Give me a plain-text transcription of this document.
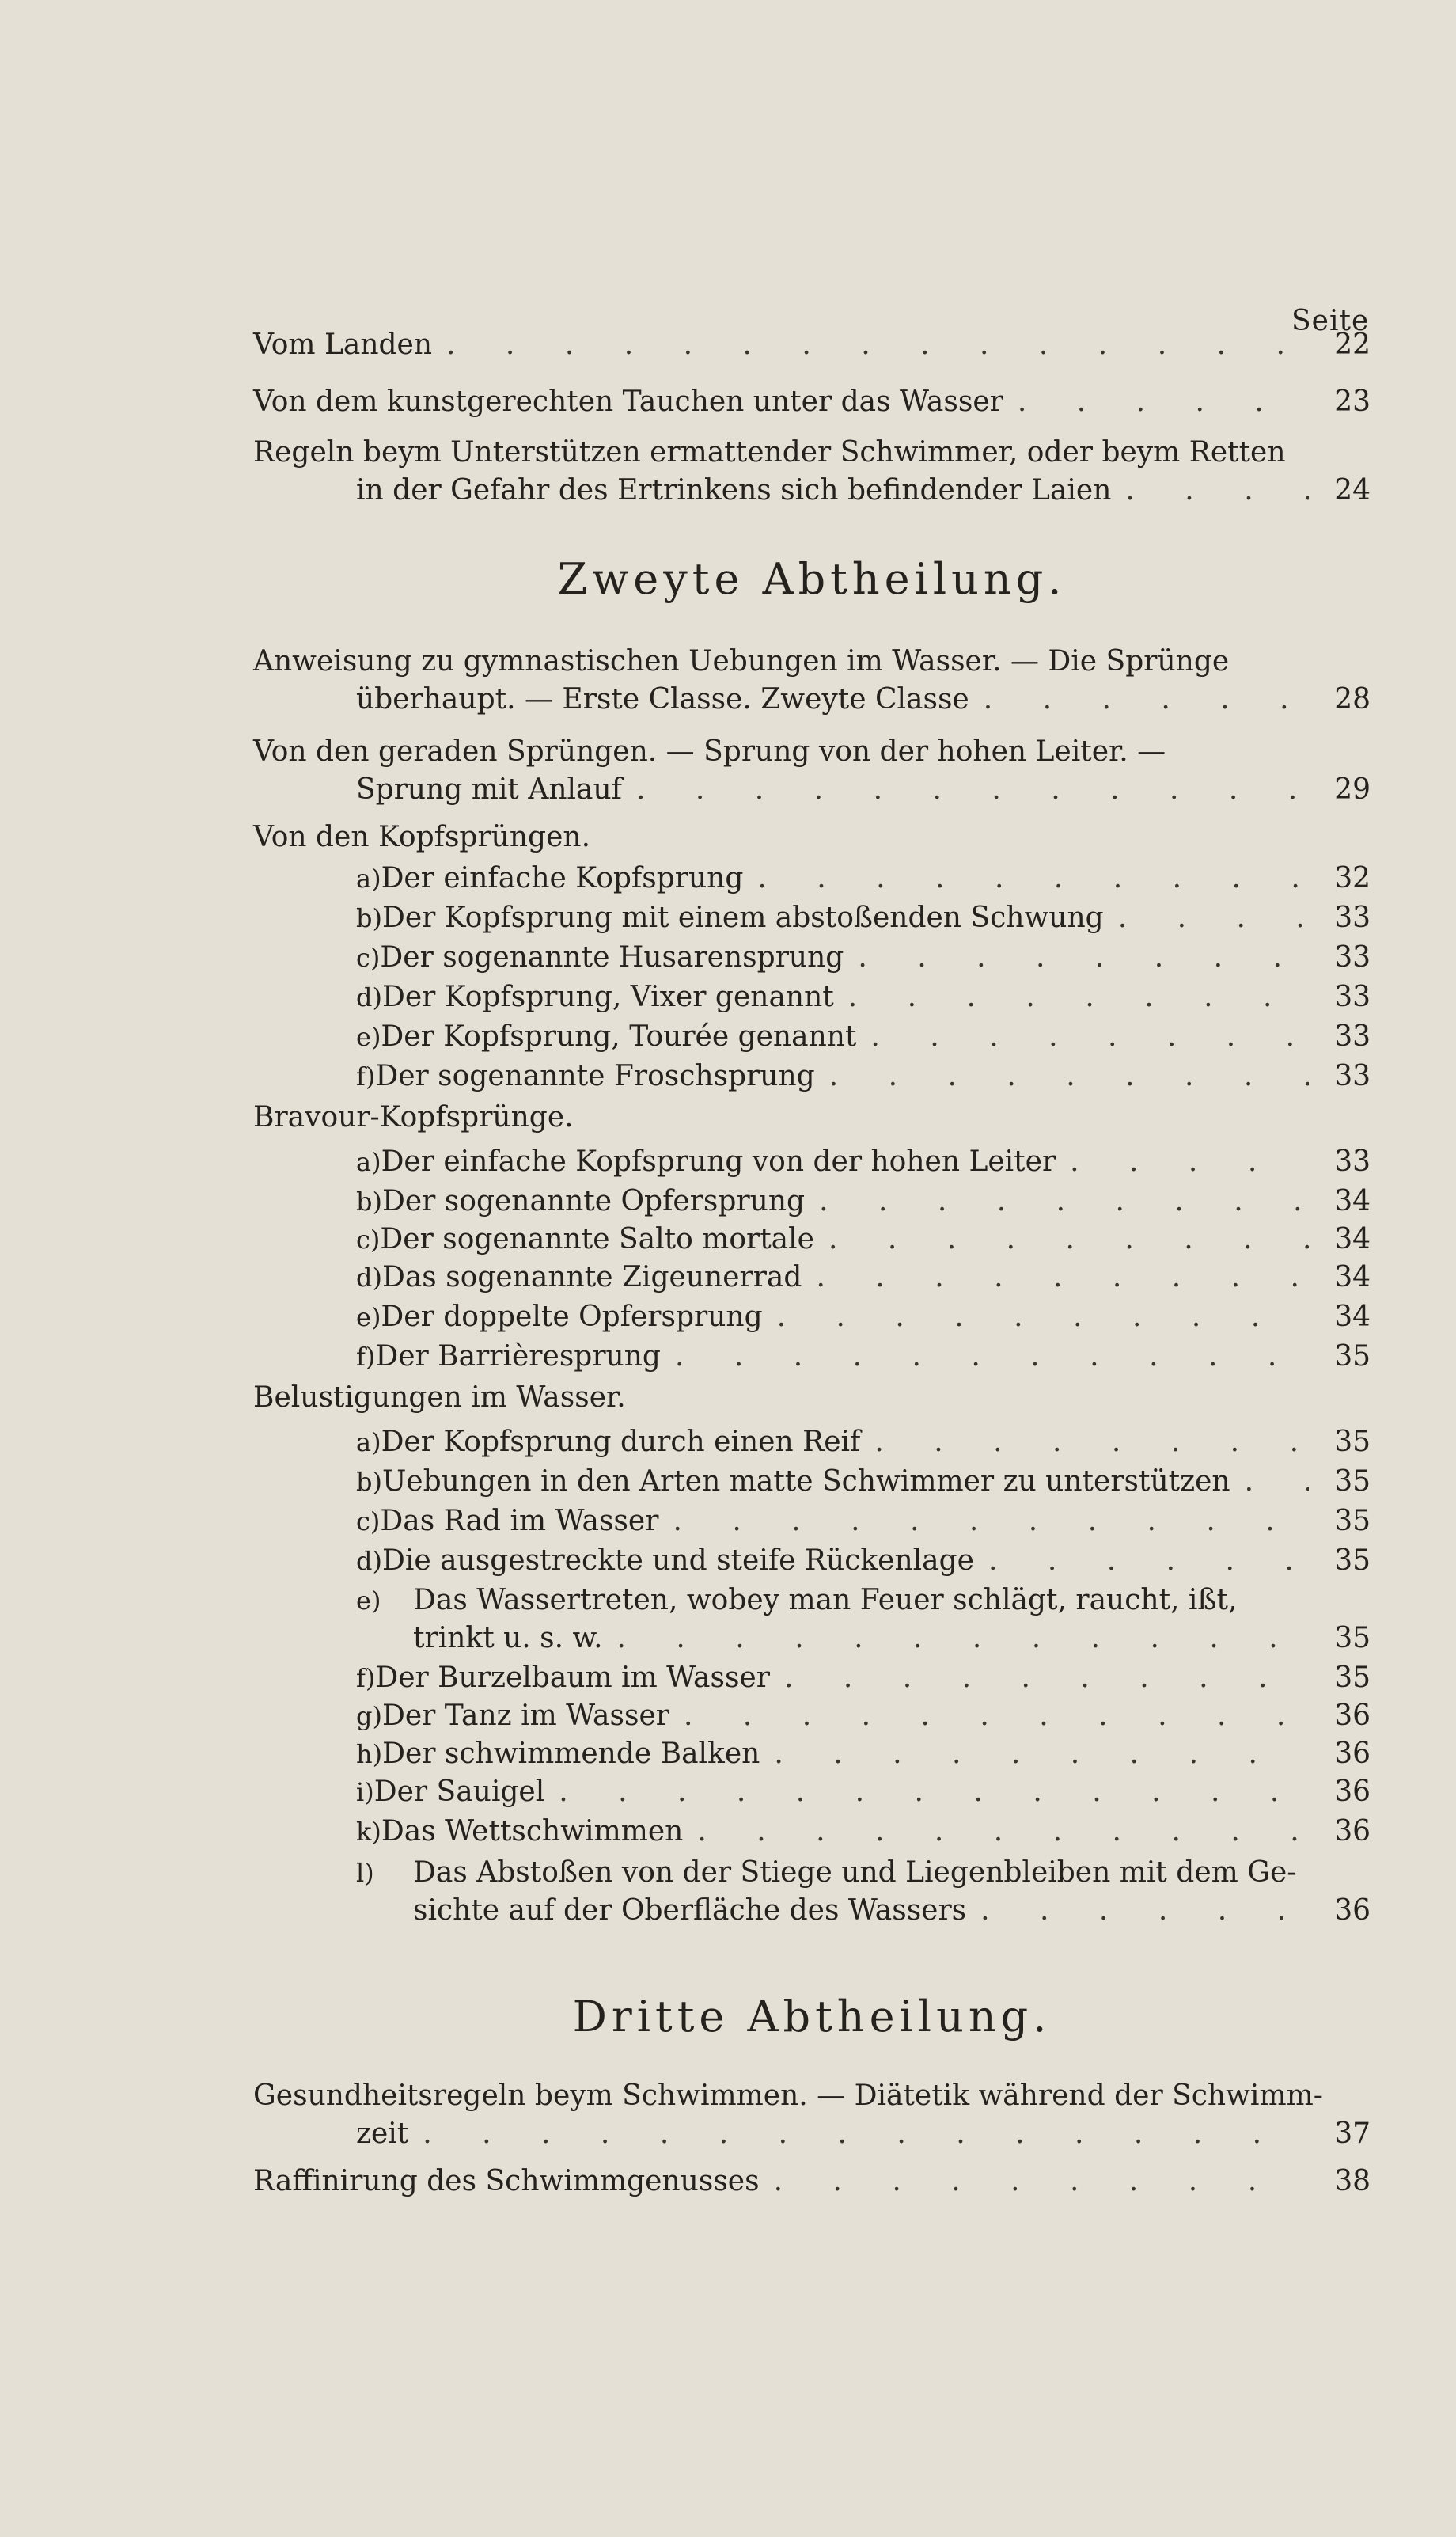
Seite
Vom Landen . . .	22
Von dem kunstgerechten Tauchen unter das Wasser . . .	23
Regeln beym Unterstützen ermattender Schwimmer, oder beym Retten
in der Gefahr des Ertrinkens sich befindender Laien . . .	24
Zweyte Abtheilung.
Anweisung zu gymnastischen Uebungen im Wasser. — Die Sprünge
überhaupt. — Erste Classe. Zweyte Classe . . .	28
Von den geraden Sprüngen. — Sprung von der hohen Leiter. —
Sprung mit Anlauf . . .	29
Von den Kopfsprüngen.
a) Der einfache Kopfsprung . . .	32
b) Der Kopfsprung mit einem abstoßenden Schwung . . .	33
c) Der sogenannte Husarensprung . . .	33
d) Der Kopfsprung, Vixer genannt . . .	33
e) Der Kopfsprung, Tourée genannt . . .	33
f) Der sogenannte Froschsprung . . .	33
Bravour-Kopfsprünge.
a) Der einfache Kopfsprung von der hohen Leiter . . .	33
b) Der sogenannte Opfersprung . . .	34
c) Der sogenannte Salto mortale . . .	34
d) Das sogenannte Zigeunerrad . . .	34
e) Der doppelte Opfersprung . . .	34
f) Der Barrièresprung . . .	35
Belustigungen im Wasser.
a) Der Kopfsprung durch einen Reif . . .	35
b) Uebungen in den Arten matte Schwimmer zu unterstützen . . .	35
c) Das Rad im Wasser . . .	35
d) Die ausgestreckte und steife Rückenlage . . .	35
e) Das Wassertreten, wobey man Feuer schlägt, raucht, ißt,
trinkt u. s. w. . . .	35
f) Der Burzelbaum im Wasser . . .	35
g) Der Tanz im Wasser . . .	36
h) Der schwimmende Balken . . .	36
i) Der Sauigel . . .	36
k) Das Wettschwimmen . . .	36
l) Das Abstoßen von der Stiege und Liegenbleiben mit dem Ge-
sichte auf der Oberfläche des Wassers . . .	36
Dritte Abtheilung.
Gesundheitsregeln beym Schwimmen. — Diätetik während der Schwimm-
zeit . . .	37
Raffinirung des Schwimmgenusses . . .	38
